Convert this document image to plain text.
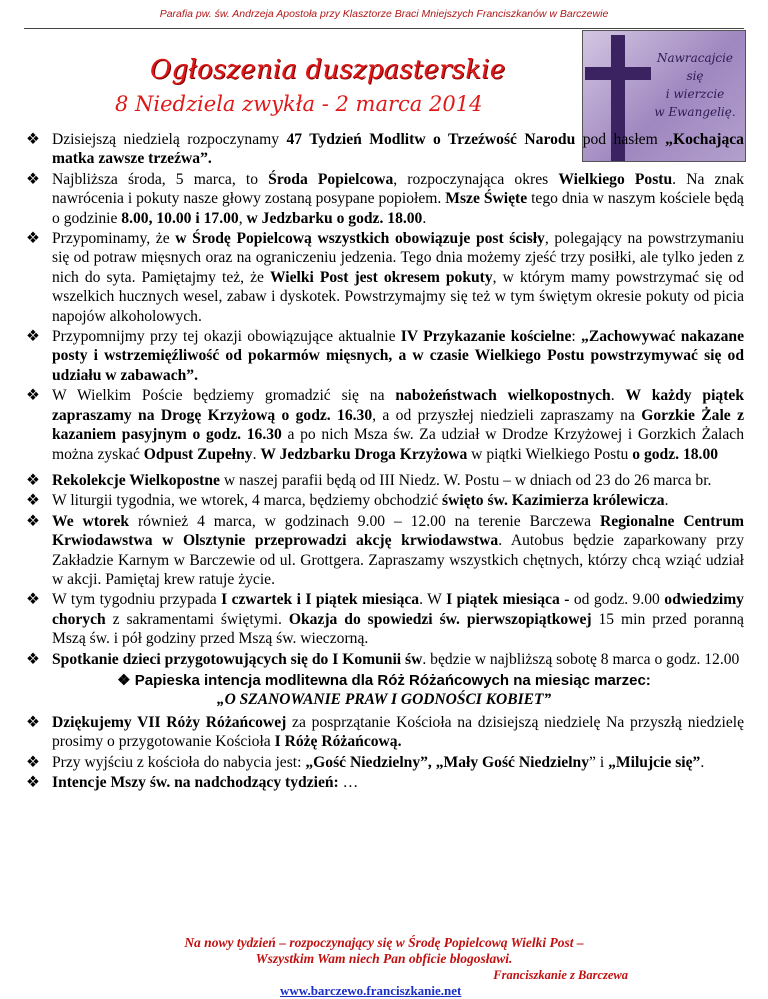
Parafia pw. św. Andrzeja Apostoła przy Klasztorze Braci Mniejszych Franciszkanów w Barczewie
Ogłoszenia duszpasterskie
8 Niedziela zwykła - 2 marca 2014
Nawracajcie się
i wierzcie
w Ewangelię.
❖ Dzisiejszą niedzielą rozpoczynamy 47 Tydzień Modlitw o Trzeźwość Narodu pod hasłem „Kochająca matka zawsze trzeźwa”.
❖ Najbliższa środa, 5 marca, to Środa Popielcowa, rozpoczynająca okres Wielkiego Postu. Na znak nawrócenia i pokuty nasze głowy zostaną posypane popiołem. Msze Święte tego dnia w naszym kościele będą o godzinie 8.00, 10.00 i 17.00, w Jedzbarku o godz. 18.00.
❖ Przypominamy, że w Środę Popielcową wszystkich obowiązuje post ścisły, polegający na powstrzymaniu się od potraw mięsnych oraz na ograniczeniu jedzenia. Tego dnia możemy zjeść trzy posiłki, ale tylko jeden z nich do syta. Pamiętajmy też, że Wielki Post jest okresem pokuty, w którym mamy powstrzymać się od wszelkich hucznych wesel, zabaw i dyskotek. Powstrzymajmy się też w tym świętym okresie pokuty od picia napojów alkoholowych.
❖ Przypomnijmy przy tej okazji obowiązujące aktualnie IV Przykazanie kościelne: „Zachowywać nakazane posty i wstrzemięźliwość od pokarmów mięsnych, a w czasie Wielkiego Postu powstrzymywać się od udziału w zabawach”.
❖ W Wielkim Poście będziemy gromadzić się na nabożeństwach wielkopostnych. W każdy piątek zapraszamy na Drogę Krzyżową o godz. 16.30, a od przyszłej niedzieli zapraszamy na Gorzkie Żale z kazaniem pasyjnym o godz. 16.30 a po nich Msza św. Za udział w Drodze Krzyżowej i Gorzkich Żalach można zyskać Odpust Zupełny. W Jedzbarku Droga Krzyżowa w piątki Wielkiego Postu o godz. 18.00
❖ Rekolekcje Wielkopostne w naszej parafii będą od III Niedz. W. Postu – w dniach od 23 do 26 marca br.
❖ W liturgii tygodnia, we wtorek, 4 marca, będziemy obchodzić święto św. Kazimierza królewicza.
❖ We wtorek również 4 marca, w godzinach 9.00 – 12.00 na terenie Barczewa Regionalne Centrum Krwiodawstwa w Olsztynie przeprowadzi akcję krwiodawstwa. Autobus będzie zaparkowany przy Zakładzie Karnym w Barczewie od ul. Grottgera. Zapraszamy wszystkich chętnych, którzy chcą wziąć udział w akcji. Pamiętaj krew ratuje życie.
❖ W tym tygodniu przypada I czwartek i I piątek miesiąca. W I piątek miesiąca - od godz. 9.00 odwiedzimy chorych z sakramentami świętymi. Okazja do spowiedzi św. pierwszopiątkowej 15 min przed poranną Mszą św. i pół godziny przed Mszą św. wieczorną.
❖ Spotkanie dzieci przygotowujących się do I Komunii św. będzie w najbliższą sobotę 8 marca o godz. 12.00
❖ Papieska intencja modlitewna dla Róż Różańcowych na miesiąc marzec:
„O SZANOWANIE PRAW I GODNOŚCI KOBIET”
❖ Dziękujemy VII Róży Różańcowej za posprzątanie Kościoła na dzisiejszą niedzielę Na przyszłą niedzielę prosimy o przygotowanie Kościoła I Różę Różańcową.
❖ Przy wyjściu z kościoła do nabycia jest: „Gość Niedzielny”, „Mały Gość Niedzielny” i „Milujcie się”.
❖ Intencje Mszy św. na nadchodzący tydzień: …
Na nowy tydzień – rozpoczynający się w Środę Popielcową Wielki Post –
Wszystkim Wam niech Pan obficie błogosławi.
Franciszkanie z Barczewa
www.barczewo.franciszkanie.net
